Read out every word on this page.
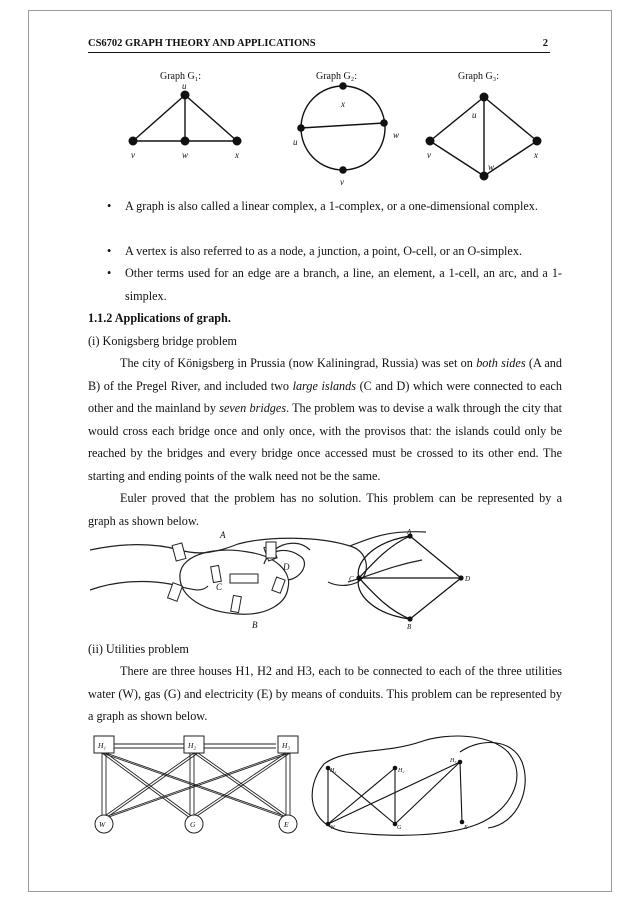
CS6702 GRAPH THEORY AND APPLICATIONS	2
Graph G₁:
u
v	w	x
Graph G₂:
x
w
u
v
Graph G₃:
u
v
w
x
• A graph is also called a linear complex, a 1-complex, or a one-dimensional complex.
• A vertex is also referred to as a node, a junction, a point, O-cell, or an O-simplex.
• Other terms used for an edge are a branch, a line, an element, a 1-cell, an arc, and a 1-simplex.
1.1.2 Applications of graph.
(i) Konigsberg bridge problem
The city of Königsberg in Prussia (now Kaliningrad, Russia) was set on both sides (A and B) of the Pregel River, and included two large islands (C and D) which were connected to each other and the mainland by seven bridges. The problem was to devise a walk through the city that would cross each bridge once and only once, with the provisos that: the islands could only be reached by the bridges and every bridge once accessed must be crossed to its other end. The starting and ending points of the walk need not be the same.
Euler proved that the problem has no solution. This problem can be represented by a graph as shown below.
A
C
D
B
A
C	D
B
(ii) Utilities problem
There are three houses H1, H2 and H3, each to be connected to each of the three utilities water (W), gas (G) and electricity (E) by means of conduits. This problem can be represented by a graph as shown below.
H₁	H₂	H₃
W	G	E
H₁	H₂
H₃
W	G	E
